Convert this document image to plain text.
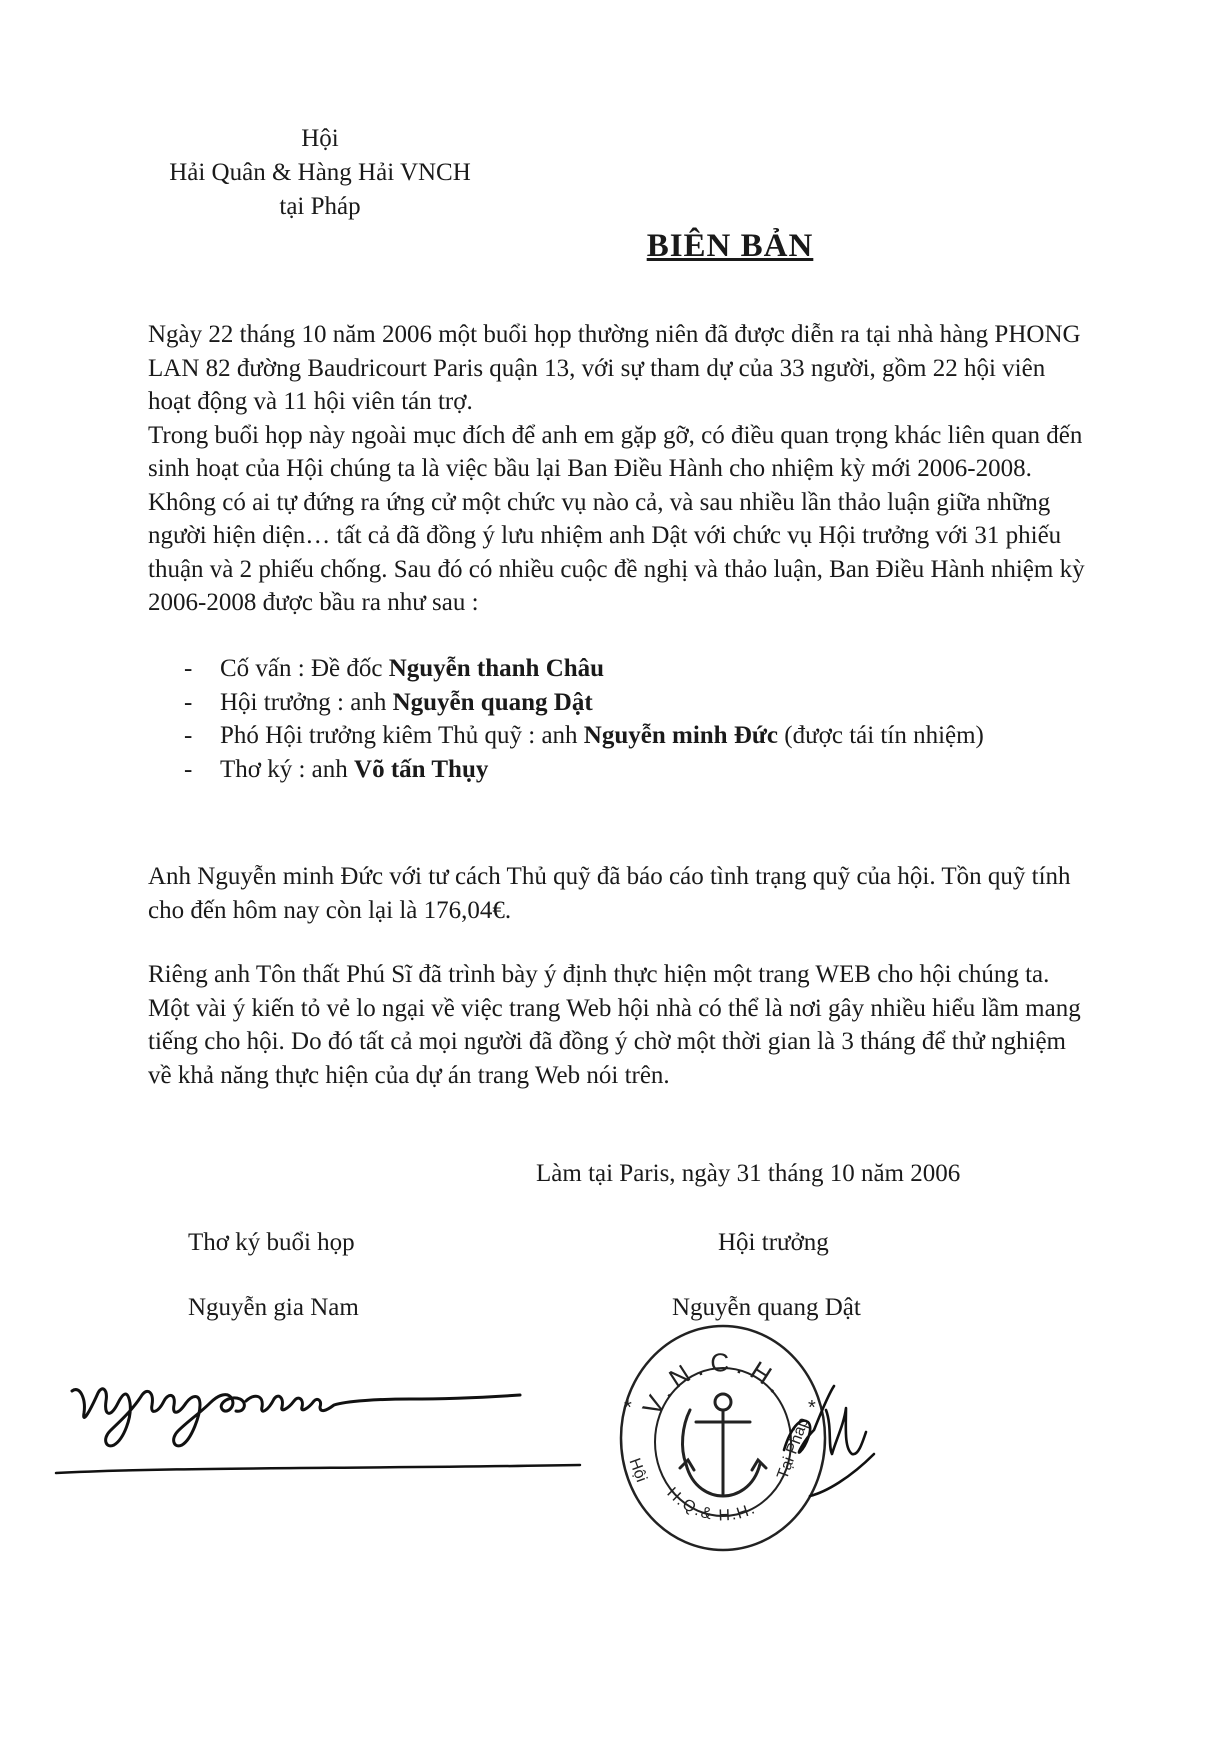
Hội
Hải Quân & Hàng Hải VNCH
tại Pháp
BIÊN BẢN

Ngày 22 tháng 10 năm 2006 một buổi họp thường niên đã được diễn ra tại nhà hàng PHONG LAN 82 đường Baudricourt Paris quận 13, với sự tham dự của 33 người, gồm 22 hội viên hoạt động và 11 hội viên tán trợ.

Trong buổi họp này ngoài mục đích để anh em gặp gỡ, có điều quan trọng khác liên quan đến sinh hoạt của Hội chúng ta là việc bầu lại Ban Điều Hành cho nhiệm kỳ mới 2006-2008.

Không có ai tự đứng ra ứng cử một chức vụ nào cả, và sau nhiều lần thảo luận giữa những người hiện diện… tất cả đã đồng ý lưu nhiệm anh Dật với chức vụ Hội trưởng với 31 phiếu thuận và 2 phiếu chống. Sau đó có nhiều cuộc đề nghị và thảo luận, Ban Điều Hành nhiệm kỳ 2006-2008 được bầu ra như sau :

- Cố vấn : Đề đốc Nguyễn thanh Châu
- Hội trưởng : anh Nguyễn quang Dật
- Phó Hội trưởng kiêm Thủ quỹ : anh Nguyễn minh Đức (được tái tín nhiệm)
- Thơ ký : anh Võ tấn Thụy
Anh Nguyễn minh Đức với tư cách Thủ quỹ đã báo cáo tình trạng quỹ của hội. Tồn quỹ tính cho đến hôm nay còn lại là 176,04€.
Riêng anh Tôn thất Phú Sĩ đã trình bày ý định thực hiện một trang WEB cho hội chúng ta. Một vài ý kiến tỏ vẻ lo ngại về việc trang Web hội nhà có thể là nơi gây nhiều hiểu lầm mang tiếng cho hội. Do đó tất cả mọi người đã đồng ý chờ một thời gian là 3 tháng để thử nghiệm về khả năng thực hiện của dự án trang Web nói trên.
Làm tại Paris, ngày 31 tháng 10 năm 2006
Thơ ký buổi họp	Hội trưởng
Nguyễn gia Nam	Nguyễn quang Dật
V.N.C.H.
H.Q.& H.H.
Hội	Tại Pháp
*	*
